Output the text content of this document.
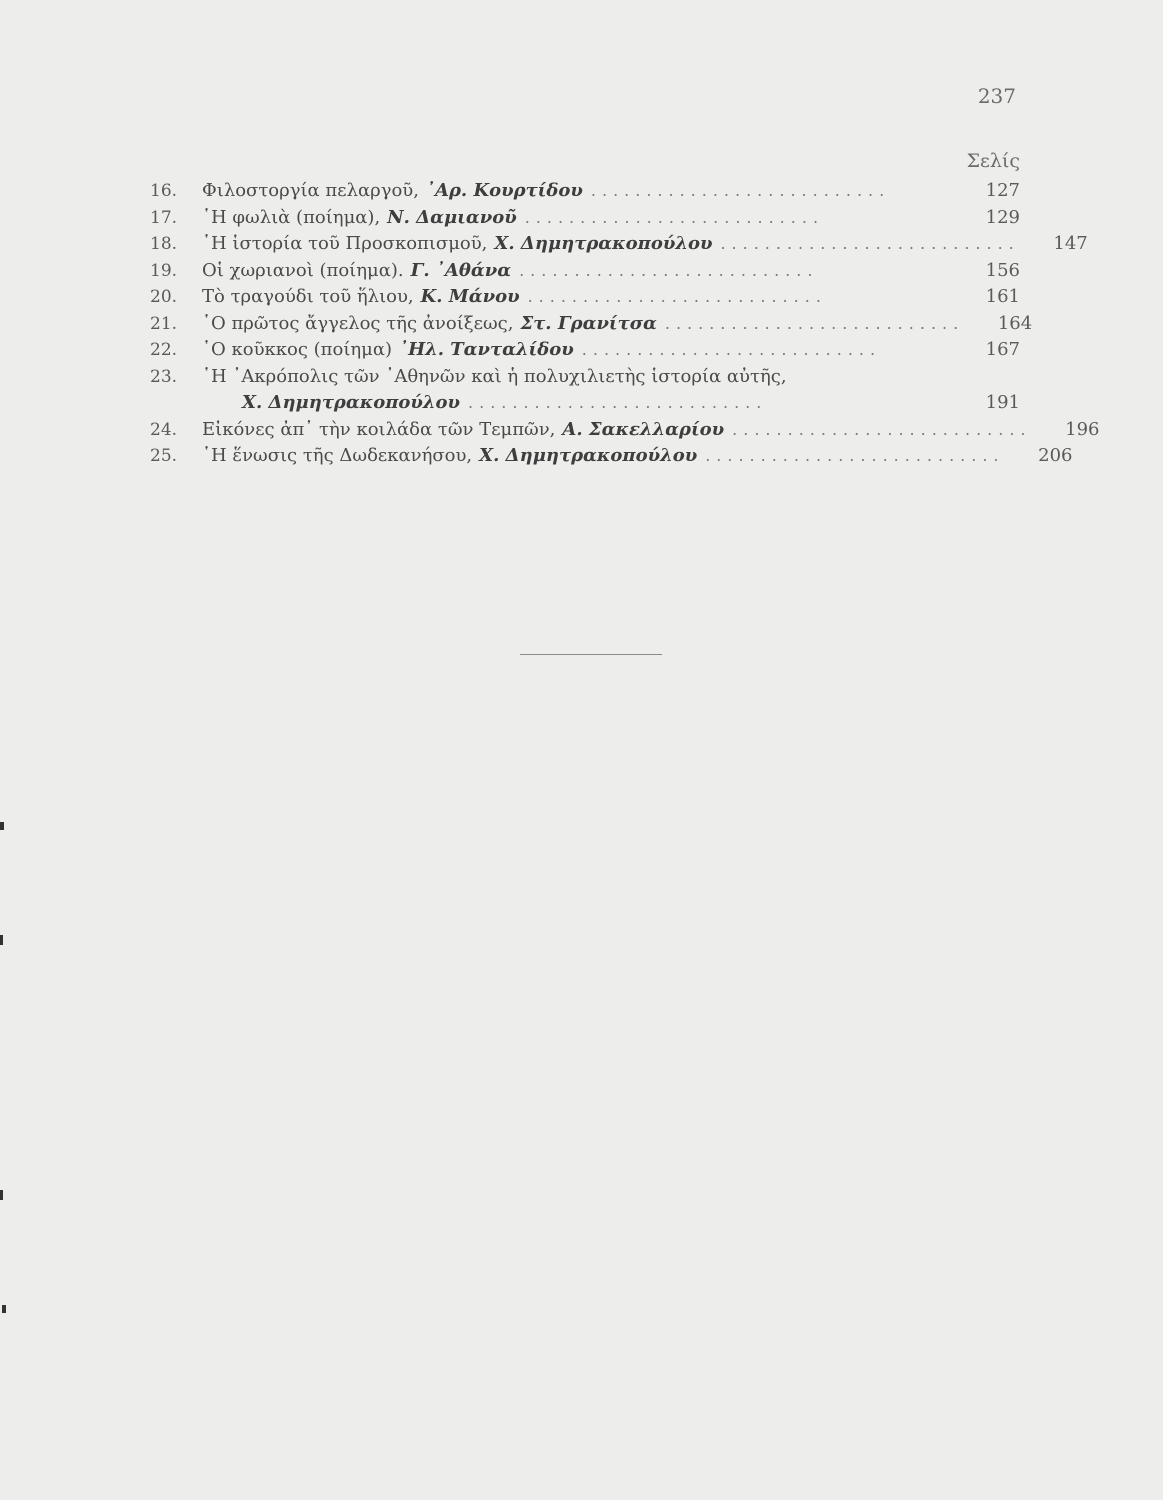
237
Σελίς
16.	Φιλοστοργία πελαργοῦ, ᾿Αρ. Κουρτίδου ...........................	127
17.	῾Η φωλιὰ (ποίημα), Ν. Δαμιανοῦ ...........................	129
18.	῾Η ἱστορία τοῦ Προσκοπισμοῦ, Χ. Δημητρακοπούλου ...........................	147
19.	Οἱ χωριανοὶ (ποίημα). Γ. ᾿Αθάνα ...........................	156
20.	Τὸ τραγούδι τοῦ ἥλιου, Κ. Μάνου ...........................	161
21.	῾Ο πρῶτος ἄγγελος τῆς ἀνοίξεως, Στ. Γρανίτσα ...........................	164
22.	῾Ο κοῦκκος (ποίημα) ᾿Ηλ. Τανταλίδου ...........................	167
23.	῾Η ᾿Ακρόπολις τῶν ᾿Αθηνῶν καὶ ἡ πολυχιλιετὴς ἱστορία αὐτῆς,
Χ. Δημητρακοπούλου ...........................	191
24.	Εἰκόνες ἀπ᾿ τὴν κοιλάδα τῶν Τεμπῶν, Α. Σακελλαρίου ...........................	196
25.	῾Η ἕνωσις τῆς Δωδεκανήσου, Χ. Δημητρακοπούλου ...........................	206
